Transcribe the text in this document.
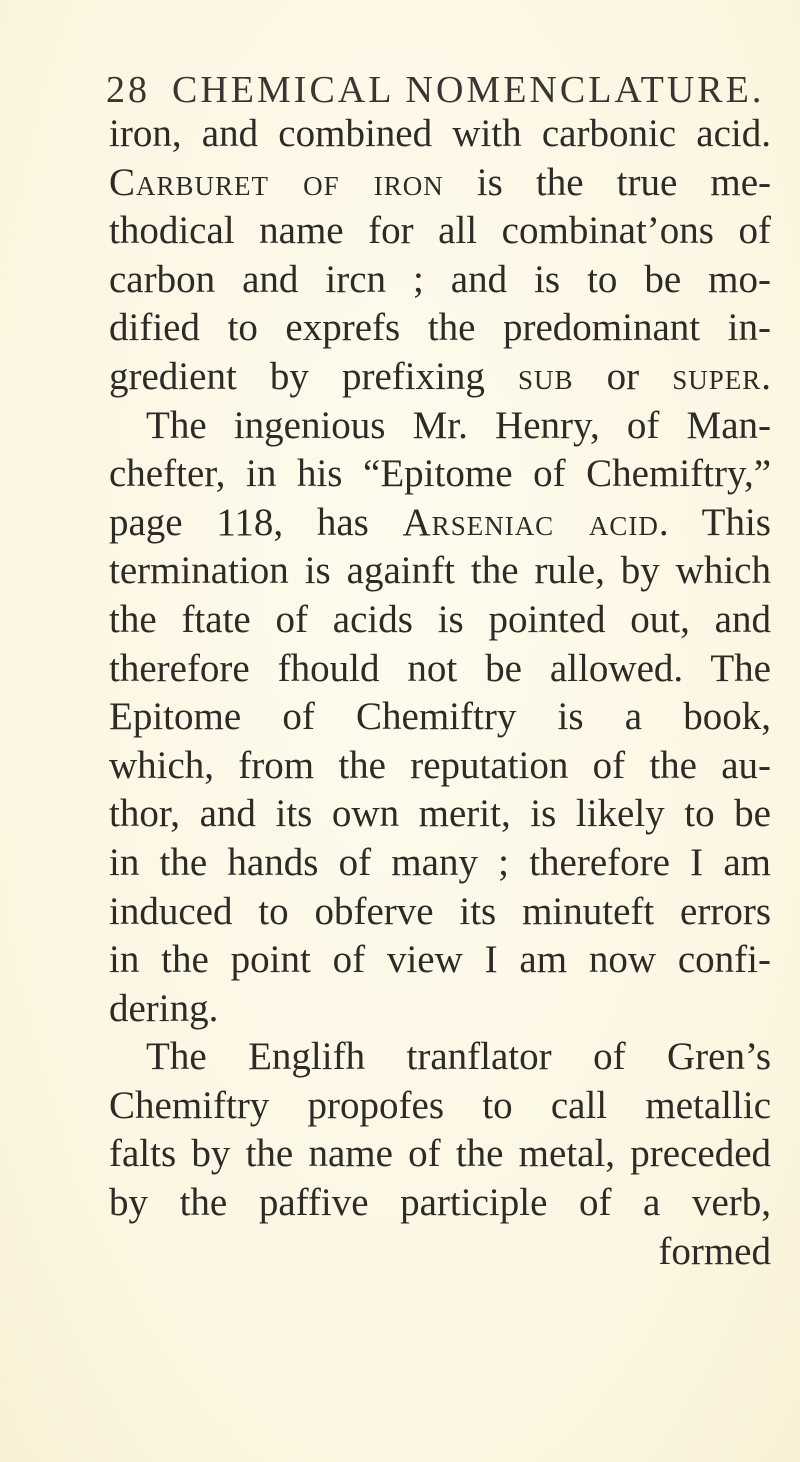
28 CHEMICAL NOMENCLATURE.
iron, and combined with carbonic acid.
Carburet of iron is the true me-
thodical name for all combinat’ons of
carbon and ircn ; and is to be mo-
dified to exprefs the predominant in-
gredient by prefixing sub or super.
The ingenious Mr. Henry, of Man-
chefter, in his “Epitome of Chemiftry,”
page 118, has Arseniac acid. This
termination is againft the rule, by which
the ftate of acids is pointed out, and
therefore fhould not be allowed. The
Epitome of Chemiftry is a book,
which, from the reputation of the au-
thor, and its own merit, is likely to be
in the hands of many ; therefore I am
induced to obferve its minuteft errors
in the point of view I am now confi-
dering.
The Englifh tranflator of Gren’s
Chemiftry propofes to call metallic
falts by the name of the metal, preceded
by the paffive participle of a verb,
formed
